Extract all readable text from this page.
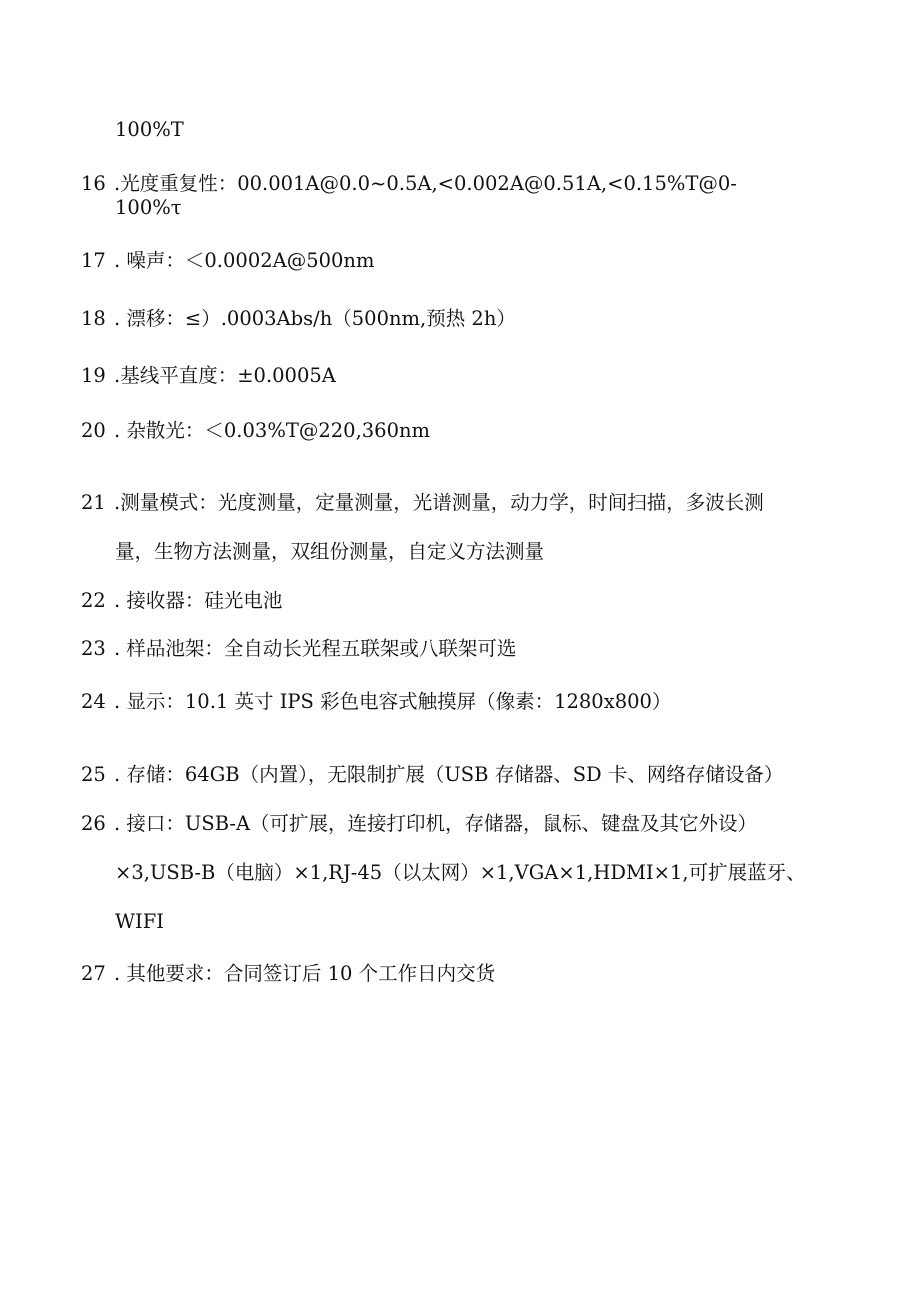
100%T
16 .光度重复性：00.001A@0.0~0.5A,<0.002A@0.51A,<0.15%T@0-
100%τ
17 . 噪声：＜0.0002A@500nm
18 . 漂移：≤）.0003Abs∕h（500nm,预热 2h）
19 .基线平直度：±0.0005A
20 . 杂散光：＜0.03%T@220,360nm
21 .测量模式：光度测量，定量测量，光谱测量，动力学，时间扫描，多波长测
量，生物方法测量，双组份测量，自定义方法测量
22 . 接收器：硅光电池
23 . 样品池架：全自动长光程五联架或八联架可选
24 . 显示：10.1 英寸 IPS 彩色电容式触摸屏（像素：1280x800）
25 . 存储：64GB（内置），无限制扩展（USB 存储器、SD 卡、网络存储设备）
26 . 接口：USB-A（可扩展，连接打印机，存储器，鼠标、键盘及其它外设）
×3,USB-B（电脑）×1,RJ-45（以太网）×1,VGA×1,HDMI×1,可扩展蓝牙、
WIFI
27 . 其他要求：合同签订后 10 个工作日内交货
